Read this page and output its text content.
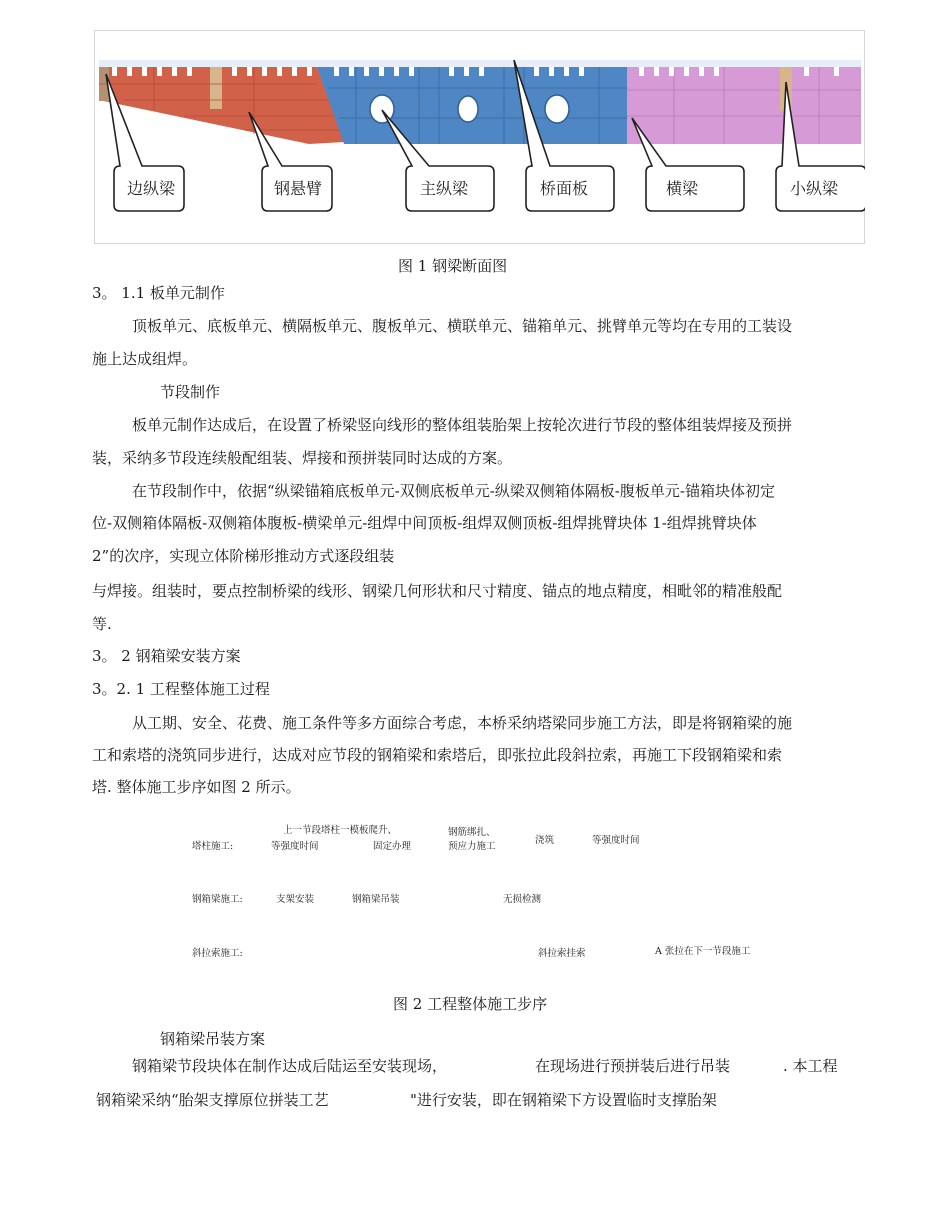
边纵梁	钢悬臂	主纵梁	桥面板	横梁	小纵梁
图 1 钢梁断面图
3。 1.1 板单元制作
顶板单元、底板单元、横隔板单元、腹板单元、横联单元、锚箱单元、挑臂单元等均在专用的工装设
施上达成组焊。
节段制作
板单元制作达成后，在设置了桥梁竖向线形的整体组装胎架上按轮次进行节段的整体组装焊接及预拼
装，采纳多节段连续般配组装、焊接和预拼装同时达成的方案。
在节段制作中，依据“纵梁锚箱底板单元-双侧底板单元-纵梁双侧箱体隔板-腹板单元-锚箱块体初定
位-双侧箱体隔板-双侧箱体腹板-横梁单元-组焊中间顶板-组焊双侧顶板-组焊挑臂块体 1-组焊挑臂块体
2”的次序，实现立体阶梯形推动方式逐段组装
与焊接。组装时，要点控制桥梁的线形、钢梁几何形状和尺寸精度、锚点的地点精度，相毗邻的精准般配
等.
3。 2 钢箱梁安装方案
3。2. 1 工程整体施工过程
从工期、安全、花费、施工条件等多方面综合考虑，本桥采纳塔梁同步施工方法，即是将钢箱梁的施
工和索塔的浇筑同步进行，达成对应节段的钢箱梁和索塔后，即张拉此段斜拉索，再施工下段钢箱梁和索
塔. 整体施工步序如图 2 所示。
塔柱施工:
上一节段塔柱一模板爬升、
等强度时间	固定办理
钢筋绑扎、
预应力施工
浇筑	等强度时间
钢箱梁施工:	支架安装	钢箱梁吊装	无损检测
斜拉索施工:	斜拉索挂索	A 张拉在下一节段施工
图 2 工程整体施工步序
钢箱梁吊装方案
钢箱梁节段块体在制作达成后陆运至安装现场，	在现场进行预拼装后进行吊装	. 本工程
钢箱梁采纳“胎架支撑原位拼装工艺	"进行安装，即在钢箱梁下方设置临时支撑胎架
